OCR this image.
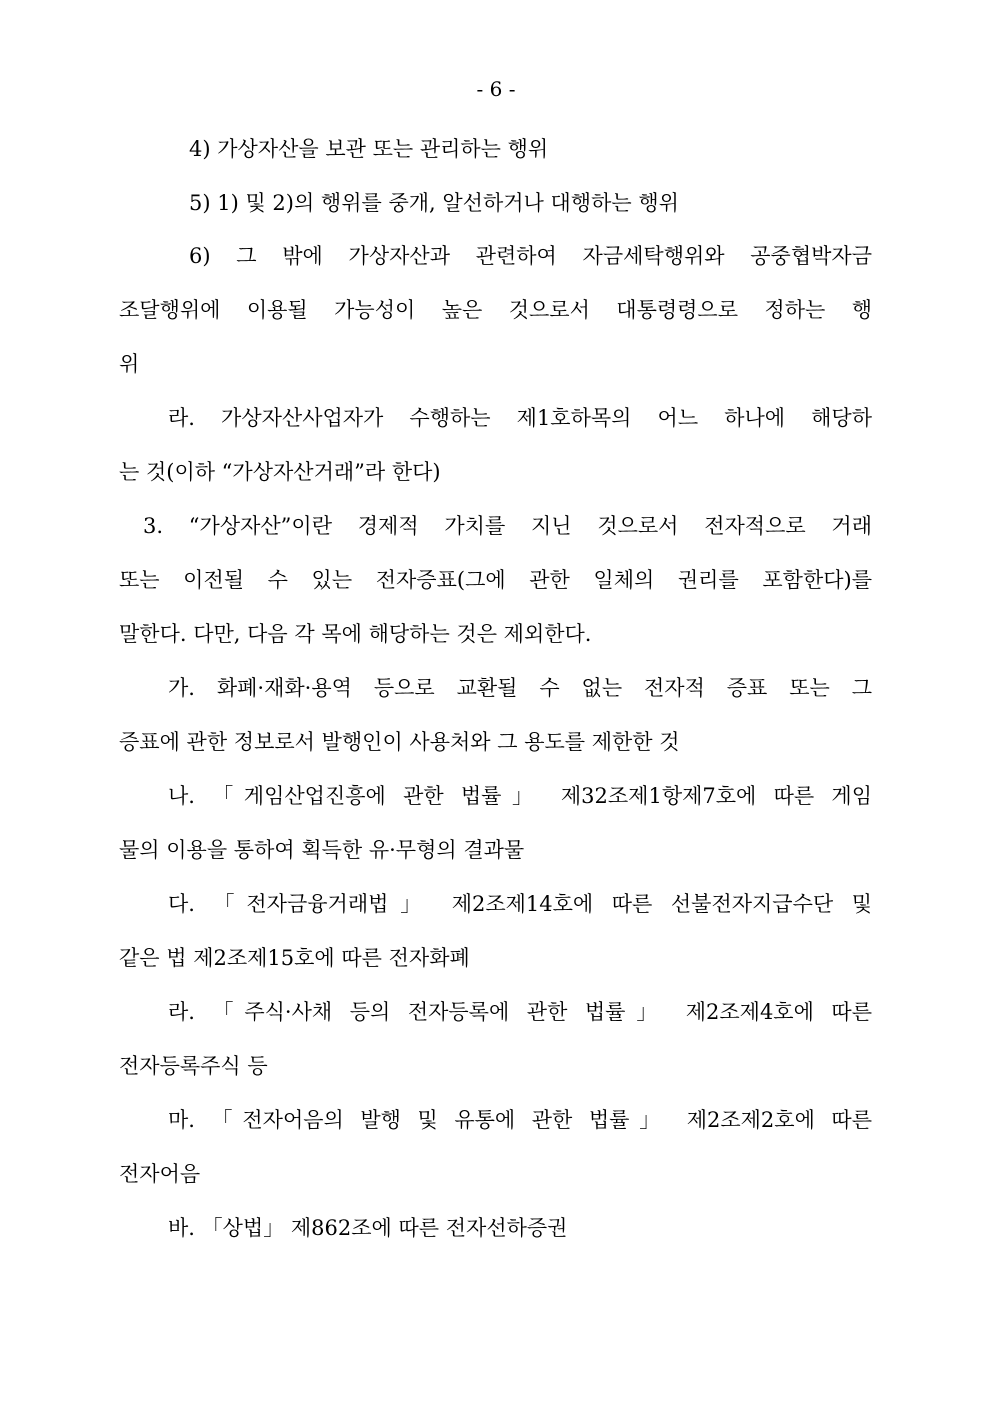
- 6 -
4) 가상자산을 보관 또는 관리하는 행위
5) 1) 및 2)의 행위를 중개, 알선하거나 대행하는 행위
6) 그 밖에 가상자산과 관련하여 자금세탁행위와 공중협박자금
조달행위에 이용될 가능성이 높은 것으로서 대통령령으로 정하는 행
위
라. 가상자산사업자가 수행하는 제1호하목의 어느 하나에 해당하
는 것(이하 “가상자산거래”라 한다)
3. “가상자산”이란 경제적 가치를 지닌 것으로서 전자적으로 거래
또는 이전될 수 있는 전자증표(그에 관한 일체의 권리를 포함한다)를
말한다. 다만, 다음 각 목에 해당하는 것은 제외한다.
가. 화폐·재화·용역 등으로 교환될 수 없는 전자적 증표 또는 그
증표에 관한 정보로서 발행인이 사용처와 그 용도를 제한한 것
나. 「게임산업진흥에 관한 법률」 제32조제1항제7호에 따른 게임
물의 이용을 통하여 획득한 유·무형의 결과물
다. 「전자금융거래법」 제2조제14호에 따른 선불전자지급수단 및
같은 법 제2조제15호에 따른 전자화폐
라. 「주식·사채 등의 전자등록에 관한 법률」 제2조제4호에 따른
전자등록주식 등
마. 「전자어음의 발행 및 유통에 관한 법률」 제2조제2호에 따른
전자어음
바. 「상법」 제862조에 따른 전자선하증권
